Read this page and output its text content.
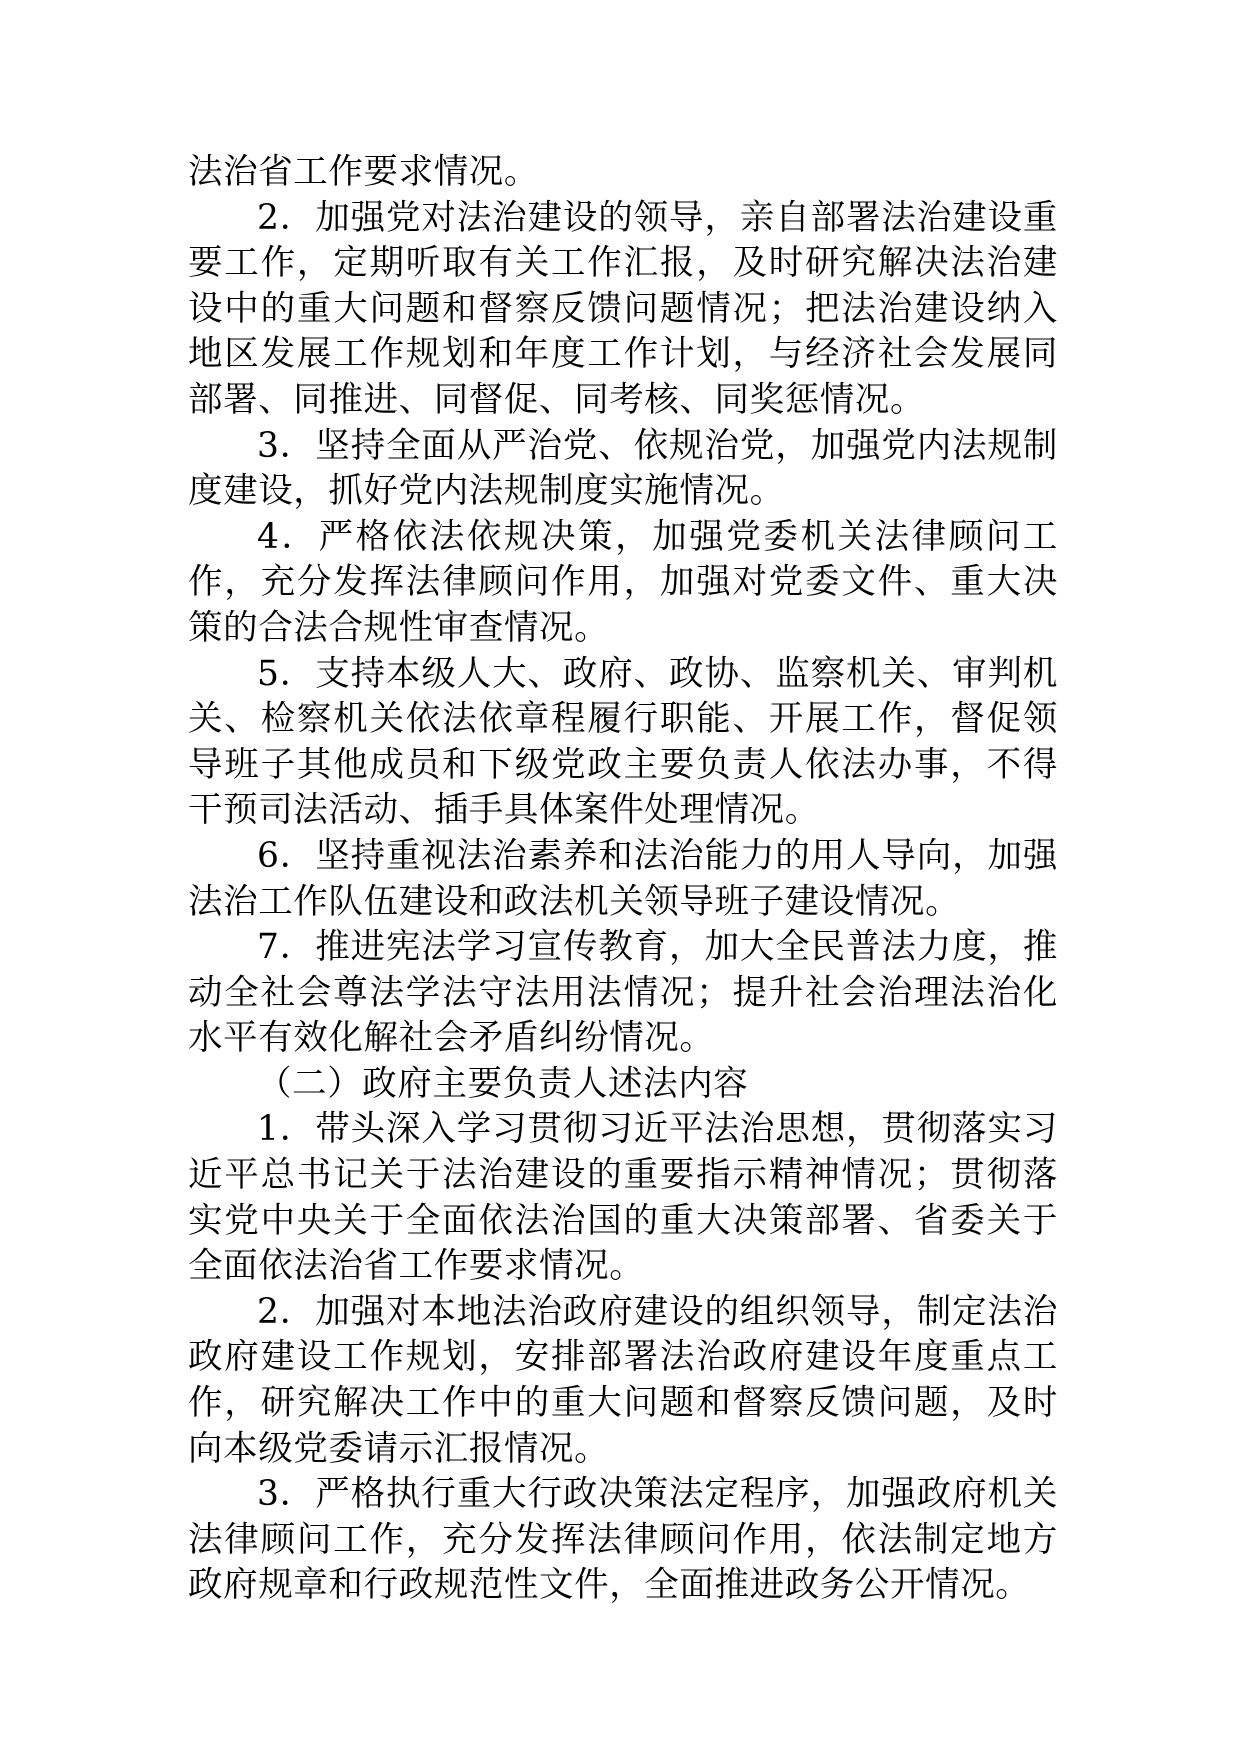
法治省工作要求情况。

2．加强党对法治建设的领导，亲自部署法治建设重要工作，定期听取有关工作汇报，及时研究解决法治建设中的重大问题和督察反馈问题情况；把法治建设纳入地区发展工作规划和年度工作计划，与经济社会发展同部署、同推进、同督促、同考核、同奖惩情况。

3．坚持全面从严治党、依规治党，加强党内法规制度建设，抓好党内法规制度实施情况。

4．严格依法依规决策，加强党委机关法律顾问工作，充分发挥法律顾问作用，加强对党委文件、重大决策的合法合规性审查情况。

5．支持本级人大、政府、政协、监察机关、审判机关、检察机关依法依章程履行职能、开展工作，督促领导班子其他成员和下级党政主要负责人依法办事，不得干预司法活动、插手具体案件处理情况。

6．坚持重视法治素养和法治能力的用人导向，加强法治工作队伍建设和政法机关领导班子建设情况。

7．推进宪法学习宣传教育，加大全民普法力度，推动全社会尊法学法守法用法情况；提升社会治理法治化水平有效化解社会矛盾纠纷情况。

（二）政府主要负责人述法内容

1．带头深入学习贯彻习近平法治思想，贯彻落实习近平总书记关于法治建设的重要指示精神情况；贯彻落实党中央关于全面依法治国的重大决策部署、省委关于全面依法治省工作要求情况。

2．加强对本地法治政府建设的组织领导，制定法治政府建设工作规划，安排部署法治政府建设年度重点工作，研究解决工作中的重大问题和督察反馈问题，及时向本级党委请示汇报情况。

3．严格执行重大行政决策法定程序，加强政府机关法律顾问工作，充分发挥法律顾问作用，依法制定地方政府规章和行政规范性文件，全面推进政务公开情况。
